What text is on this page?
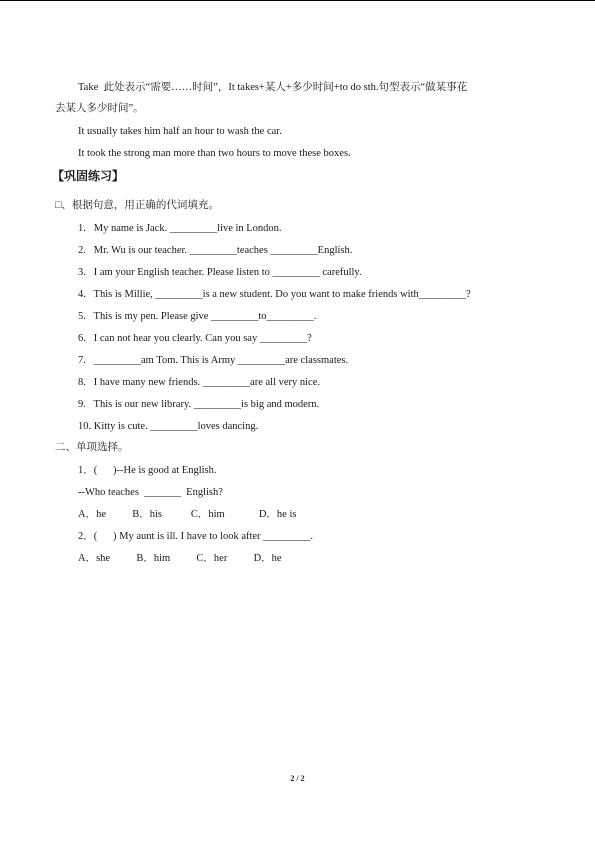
Take  此处表示“需要……时间”，It takes+某人+多少时间+to do sth.句型表示“做某事花
去某人多少时间”。
It usually takes him half an hour to wash the car.
It took the strong man more than two hours to move these boxes.
【巩固练习】
□、根据句意，用正确的代词填充。
1.   My name is Jack. _________live in London.
2.   Mr. Wu is our teacher. _________teaches _________English.
3.   I am your English teacher. Please listen to _________ carefully.
4.   This is Millie, _________is a new student. Do you want to make friends with_________?
5.   This is my pen. Please give _________to_________.
6.   I can not hear you clearly. Can you say _________?
7.   _________am Tom. This is Army _________are classmates.
8.   I have many new friends. _________are all very nice.
9.   This is our new library. _________is big and modern.
10. Kitty is cute. _________loves dancing.
二、单项选择。
1．(      )--He is good at English.
--Who teaches  _______  English?
A．he          B．his           C．him             D．he is
2．(      ) My aunt is ill. I have to look after _________.
A．she          B．him          C．her          D．he
2 / 2
